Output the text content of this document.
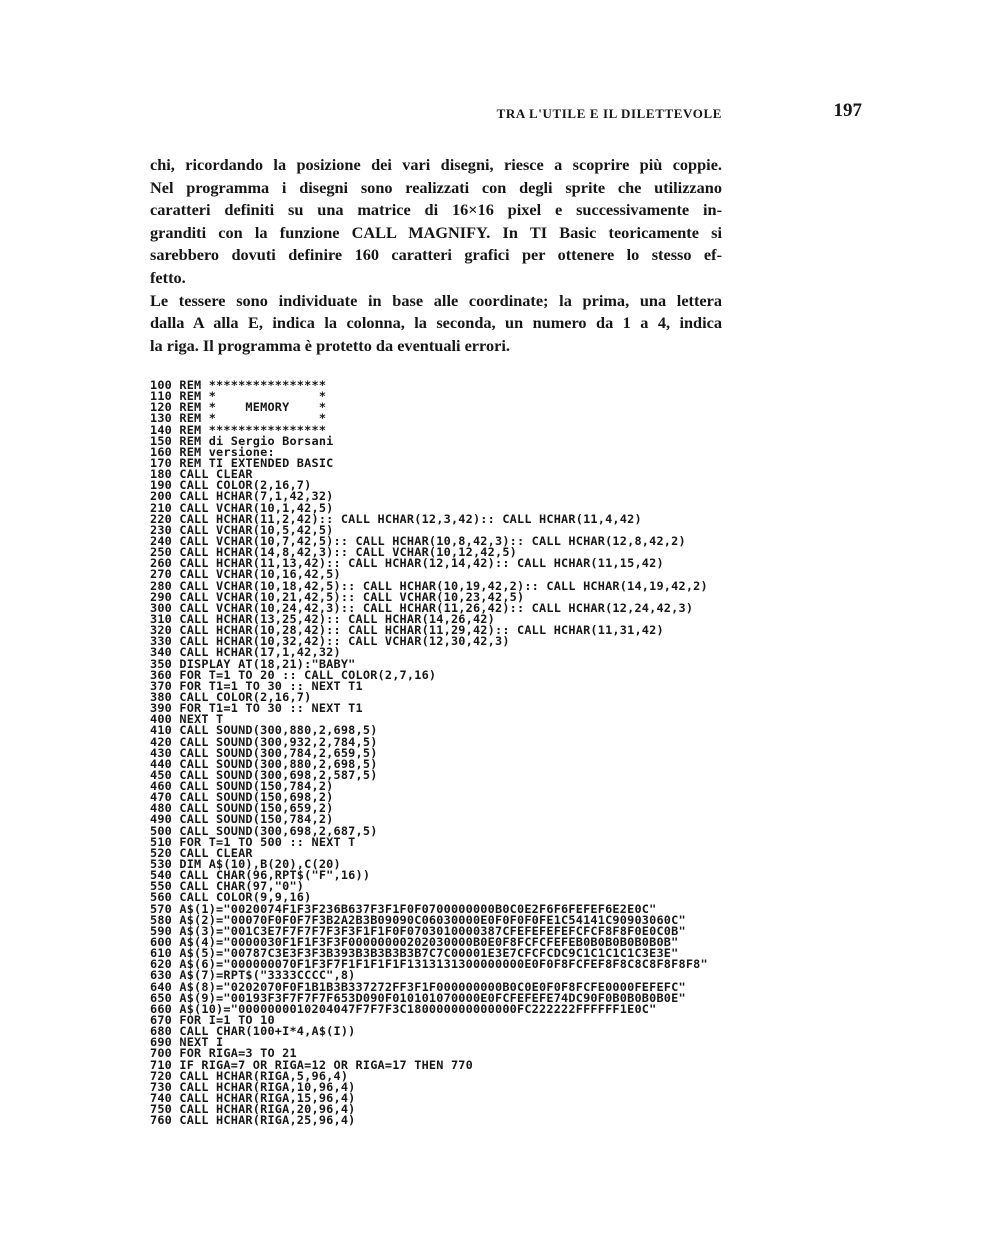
TRA L'UTILE E IL DILETTEVOLE	197

chi, ricordando la posizione dei vari disegni, riesce a scoprire più coppie.
Nel programma i disegni sono realizzati con degli sprite che utilizzano
caratteri definiti su una matrice di 16×16 pixel e successivamente in-
granditi con la funzione CALL MAGNIFY. In TI Basic teoricamente si
sarebbero dovuti definire 160 caratteri grafici per ottenere lo stesso ef-
fetto.

Le tessere sono individuate in base alle coordinate; la prima, una lettera
dalla A alla E, indica la colonna, la seconda, un numero da 1 a 4, indica
la riga. Il programma è protetto da eventuali errori.

100 REM ****************
110 REM *              *
120 REM *    MEMORY    *
130 REM *              *
140 REM ****************
150 REM di Sergio Borsani
160 REM versione:
170 REM TI EXTENDED BASIC
180 CALL CLEAR
190 CALL COLOR(2,16,7)
200 CALL HCHAR(7,1,42,32)
210 CALL VCHAR(10,1,42,5)
220 CALL HCHAR(11,2,42):: CALL HCHAR(12,3,42):: CALL HCHAR(11,4,42)
230 CALL VCHAR(10,5,42,5)
240 CALL VCHAR(10,7,42,5):: CALL HCHAR(10,8,42,3):: CALL HCHAR(12,8,42,2)
250 CALL HCHAR(14,8,42,3):: CALL VCHAR(10,12,42,5)
260 CALL HCHAR(11,13,42):: CALL HCHAR(12,14,42):: CALL HCHAR(11,15,42)
270 CALL VCHAR(10,16,42,5)
280 CALL VCHAR(10,18,42,5):: CALL HCHAR(10,19,42,2):: CALL HCHAR(14,19,42,2)
290 CALL VCHAR(10,21,42,5):: CALL VCHAR(10,23,42,5)
300 CALL VCHAR(10,24,42,3):: CALL HCHAR(11,26,42):: CALL HCHAR(12,24,42,3)
310 CALL HCHAR(13,25,42):: CALL HCHAR(14,26,42)
320 CALL HCHAR(10,28,42):: CALL HCHAR(11,29,42):: CALL HCHAR(11,31,42)
330 CALL HCHAR(10,32,42):: CALL VCHAR(12,30,42,3)
340 CALL HCHAR(17,1,42,32)
350 DISPLAY AT(18,21):"BABY"
360 FOR T=1 TO 20 :: CALL COLOR(2,7,16)
370 FOR T1=1 TO 30 :: NEXT T1
380 CALL COLOR(2,16,7)
390 FOR T1=1 TO 30 :: NEXT T1
400 NEXT T
410 CALL SOUND(300,880,2,698,5)
420 CALL SOUND(300,932,2,784,5)
430 CALL SOUND(300,784,2,659,5)
440 CALL SOUND(300,880,2,698,5)
450 CALL SOUND(300,698,2,587,5)
460 CALL SOUND(150,784,2)
470 CALL SOUND(150,698,2)
480 CALL SOUND(150,659,2)
490 CALL SOUND(150,784,2)
500 CALL SOUND(300,698,2,687,5)
510 FOR T=1 TO 500 :: NEXT T
520 CALL CLEAR
530 DIM A$(10),B(20),C(20)
540 CALL CHAR(96,RPT$("F",16))
550 CALL CHAR(97,"0")
560 CALL COLOR(9,9,16)
570 A$(1)="0020074F1F3F236B637F3F1F0F0700000000B0C0E2F6F6FEFEF6E2E0C"
580 A$(2)="00070F0F0F7F3B2A2B3B09090C06030000E0F0F0F0FE1C54141C90903060C"
590 A$(3)="001C3E7F7F7F7F3F3F1F1F0F0703010000387CFEFEFEFEFCFCF8F8F0E0C0B"
600 A$(4)="0000030F1F1F3F3F00000000202030000B0E0F8FCFCFEFEB0B0B0B0B0B0B"
610 A$(5)="00787C3E3F3F3B393B3B3B3B3B7C7C00001E3E7CFCFCDC9C1C1C1C1C3E3E"
620 A$(6)="000000070F1F3F7F1F1F1F1F1313131300000000E0F0F8FCFEF8F8C8C8F8F8F8"
630 A$(7)=RPT$("3333CCCC",8)
640 A$(8)="0202070F0F1B1B3B337272FF3F1F000000000B0C0E0F0F8FCFE0000FEFEFC"
650 A$(9)="00193F3F7F7F7F653D090F010101070000E0FCFEFEFE74DC90F0B0B0B0B0E"
660 A$(10)="0000000010204047F7F7F3C180000000000000FC222222FFFFFF1E0C"
670 FOR I=1 TO 10
680 CALL CHAR(100+I*4,A$(I))
690 NEXT I
700 FOR RIGA=3 TO 21
710 IF RIGA=7 OR RIGA=12 OR RIGA=17 THEN 770
720 CALL HCHAR(RIGA,5,96,4)
730 CALL HCHAR(RIGA,10,96,4)
740 CALL HCHAR(RIGA,15,96,4)
750 CALL HCHAR(RIGA,20,96,4)
760 CALL HCHAR(RIGA,25,96,4)
